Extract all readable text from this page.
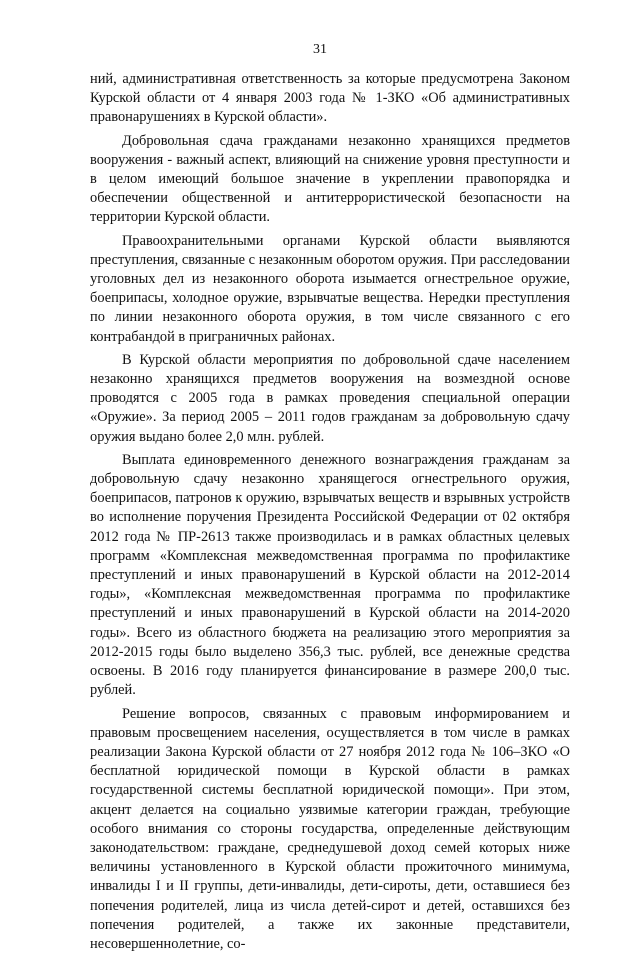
31

ний, административная ответственность за которые предусмотрена Законом Курской области от 4 января 2003 года № 1-ЗКО «Об административных правонарушениях в Курской области».

Добровольная сдача гражданами незаконно хранящихся предметов вооружения - важный аспект, влияющий на снижение уровня преступности и в целом имеющий большое значение в укреплении правопорядка и обеспечении общественной и антитеррористической безопасности на территории Курской области.

Правоохранительными органами Курской области выявляются преступления, связанные с незаконным оборотом оружия. При расследовании уголовных дел из незаконного оборота изымается огнестрельное оружие, боеприпасы, холодное оружие, взрывчатые вещества. Нередки преступления по линии незаконного оборота оружия, в том числе связанного с его контрабандой в приграничных районах.

В Курской области мероприятия по добровольной сдаче населением незаконно хранящихся предметов вооружения на возмездной основе проводятся с 2005 года в рамках проведения специальной операции «Оружие». За период 2005 – 2011 годов гражданам за добровольную сдачу оружия выдано более 2,0 млн. рублей.

Выплата единовременного денежного вознаграждения гражданам за добровольную сдачу незаконно хранящегося огнестрельного оружия, боеприпасов, патронов к оружию, взрывчатых веществ и взрывных устройств во исполнение поручения Президента Российской Федерации от 02 октября 2012 года № ПР-2613 также производилась и в рамках областных целевых программ «Комплексная межведомственная программа по профилактике преступлений и иных правонарушений в Курской области на 2012-2014 годы», «Комплексная межведомственная программа по профилактике преступлений и иных правонарушений в Курской области на 2014-2020 годы». Всего из областного бюджета на реализацию этого мероприятия за 2012-2015 годы было выделено 356,3 тыс. рублей, все денежные средства освоены. В 2016 году планируется финансирование в размере 200,0 тыс. рублей.

Решение вопросов, связанных с правовым информированием и правовым просвещением населения, осуществляется в том числе в рамках реализации Закона Курской области от 27 ноября 2012 года № 106–ЗКО «О бесплатной юридической помощи в Курской области в рамках государственной системы бесплатной юридической помощи». При этом, акцент делается на социально уязвимые категории граждан, требующие особого внимания со стороны государства, определенные действующим законодательством: граждане, среднедушевой доход семей которых ниже величины установленного в Курской области прожиточного минимума, инвалиды I и II группы, дети-инвалиды, дети-сироты, дети, оставшиеся без попечения родителей, лица из числа детей-сирот и детей, оставшихся без попечения родителей, а также их законные представители, несовершеннолетние, со-
